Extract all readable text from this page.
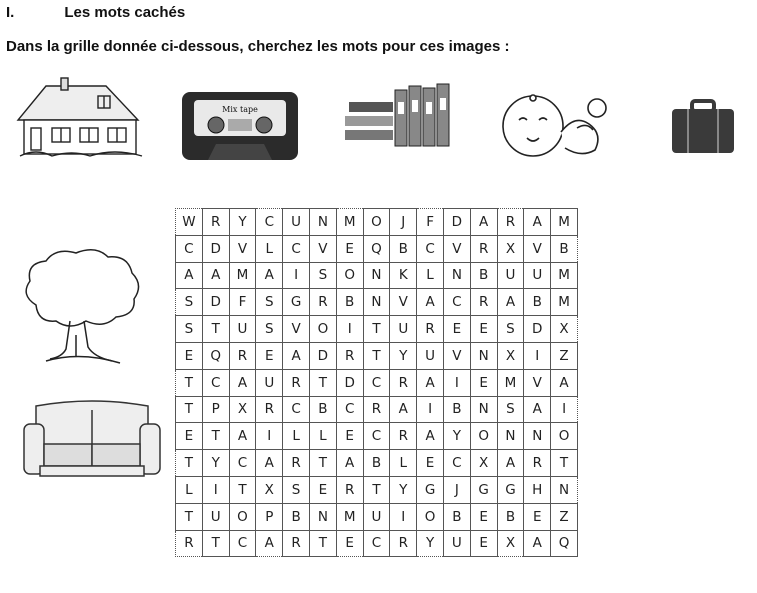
I.	Les mots cachés
Dans la grille donnée ci-dessous, cherchez les mots pour ces images :
Mix tape
W	R	Y	C	U	N	M	O	J	F	D	A	R	A	M
C	D	V	L	C	V	E	Q	B	C	V	R	X	V	B
A	A	M	A	I	S	O	N	K	L	N	B	U	U	M
S	D	F	S	G	R	B	N	V	A	C	R	A	B	M
S	T	U	S	V	O	I	T	U	R	E	E	S	D	X
E	Q	R	E	A	D	R	T	Y	U	V	N	X	I	Z
T	C	A	U	R	T	D	C	R	A	I	E	M	V	A
T	P	X	R	C	B	C	R	A	I	B	N	S	A	I
E	T	A	I	L	L	E	C	R	A	Y	O	N	N	O
T	Y	C	A	R	T	A	B	L	E	C	X	A	R	T
L	I	T	X	S	E	R	T	Y	G	J	G	G	H	N
T	U	O	P	B	N	M	U	I	O	B	E	B	E	Z
R	T	C	A	R	T	E	C	R	Y	U	E	X	A	Q
